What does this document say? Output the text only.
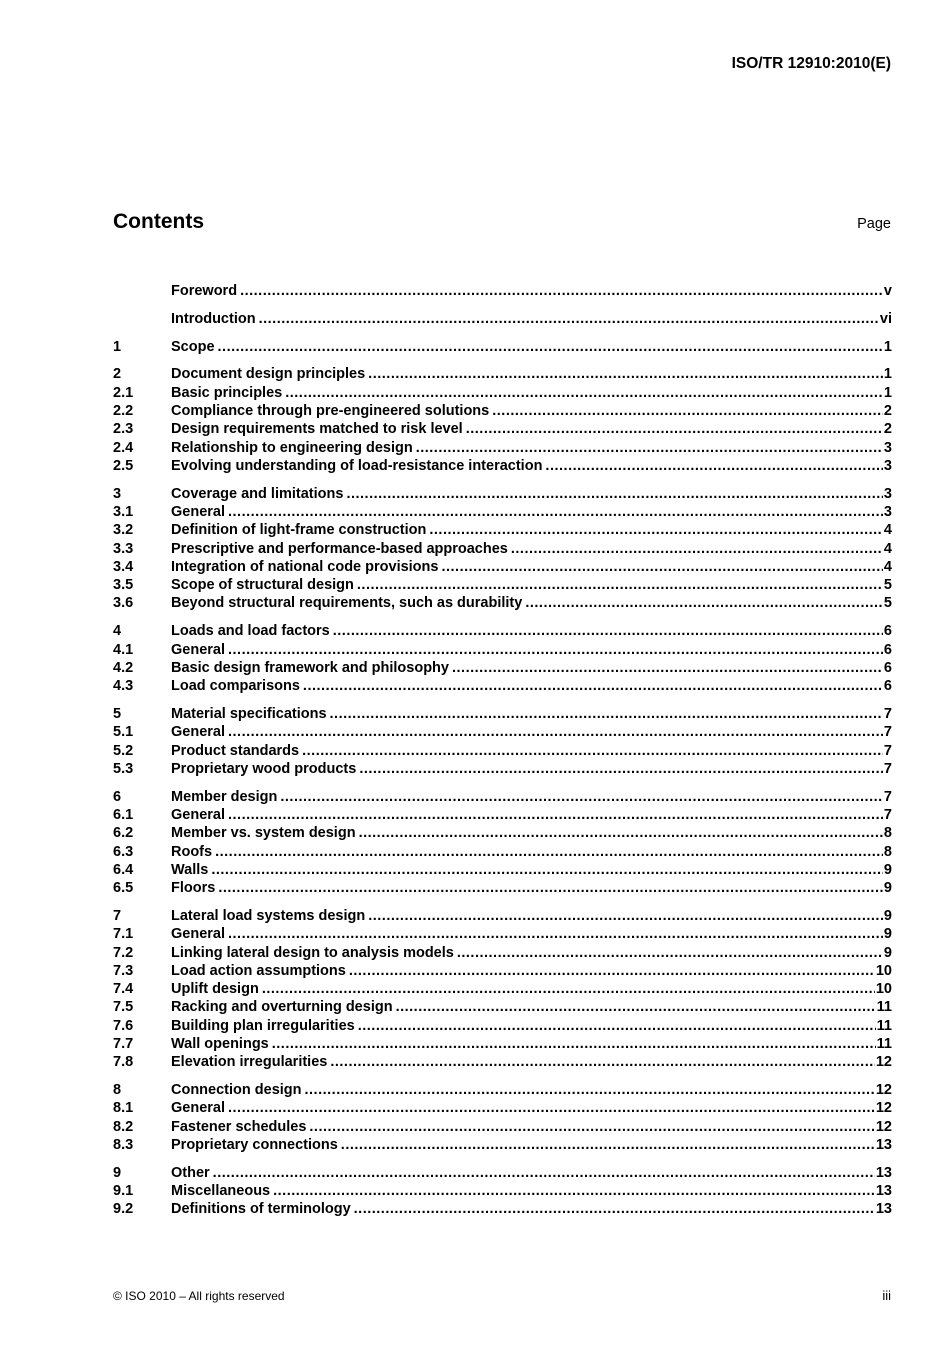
ISO/TR 12910:2010(E)
Contents	Page
Foreword .....	v
Introduction .....	vi
1	Scope .....	1
2	Document design principles .....	1
2.1	Basic principles .....	1
2.2	Compliance through pre-engineered solutions .....	2
2.3	Design requirements matched to risk level .....	2
2.4	Relationship to engineering design .....	3
2.5	Evolving understanding of load-resistance interaction .....	3
3	Coverage and limitations .....	3
3.1	General .....	3
3.2	Definition of light-frame construction .....	4
3.3	Prescriptive and performance-based approaches .....	4
3.4	Integration of national code provisions .....	4
3.5	Scope of structural design .....	5
3.6	Beyond structural requirements, such as durability .....	5
4	Loads and load factors .....	6
4.1	General .....	6
4.2	Basic design framework and philosophy .....	6
4.3	Load comparisons .....	6
5	Material specifications .....	7
5.1	General .....	7
5.2	Product standards .....	7
5.3	Proprietary wood products .....	7
6	Member design .....	7
6.1	General .....	7
6.2	Member vs. system design .....	8
6.3	Roofs .....	8
6.4	Walls .....	9
6.5	Floors .....	9
7	Lateral load systems design .....	9
7.1	General .....	9
7.2	Linking lateral design to analysis models .....	9
7.3	Load action assumptions .....	10
7.4	Uplift design .....	10
7.5	Racking and overturning design .....	11
7.6	Building plan irregularities .....	11
7.7	Wall openings .....	11
7.8	Elevation irregularities .....	12
8	Connection design .....	12
8.1	General .....	12
8.2	Fastener schedules .....	12
8.3	Proprietary connections .....	13
9	Other .....	13
9.1	Miscellaneous .....	13
9.2	Definitions of terminology .....	13
© ISO 2010 – All rights reserved	iii
